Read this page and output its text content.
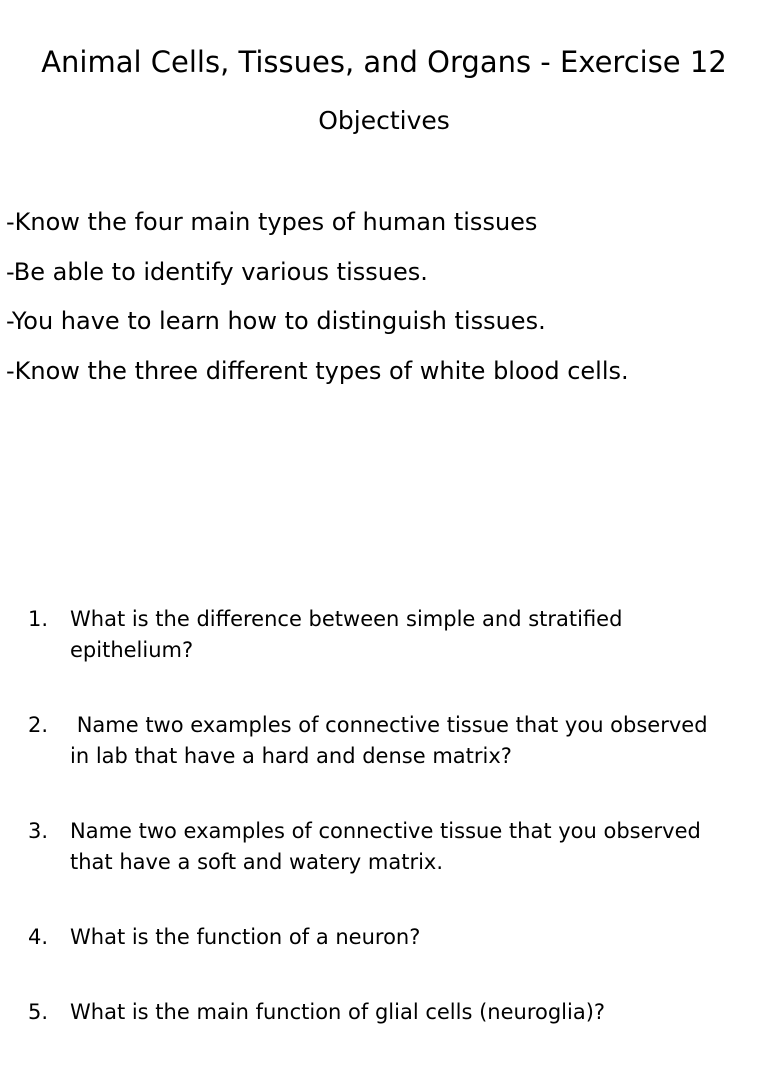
Animal Cells, Tissues, and Organs - Exercise 12
Objectives
-Know the four main types of human tissues
-Be able to identify various tissues.
-You have to learn how to distinguish tissues.
-Know the three different types of white blood cells.
1. What is the difference between simple and stratified epithelium?
2. Name two examples of connective tissue that you observed in lab that have a hard and dense matrix?
3. Name two examples of connective tissue that you observed that have a soft and watery matrix.
4. What is the function of a neuron?
5. What is the main function of glial cells (neuroglia)?
